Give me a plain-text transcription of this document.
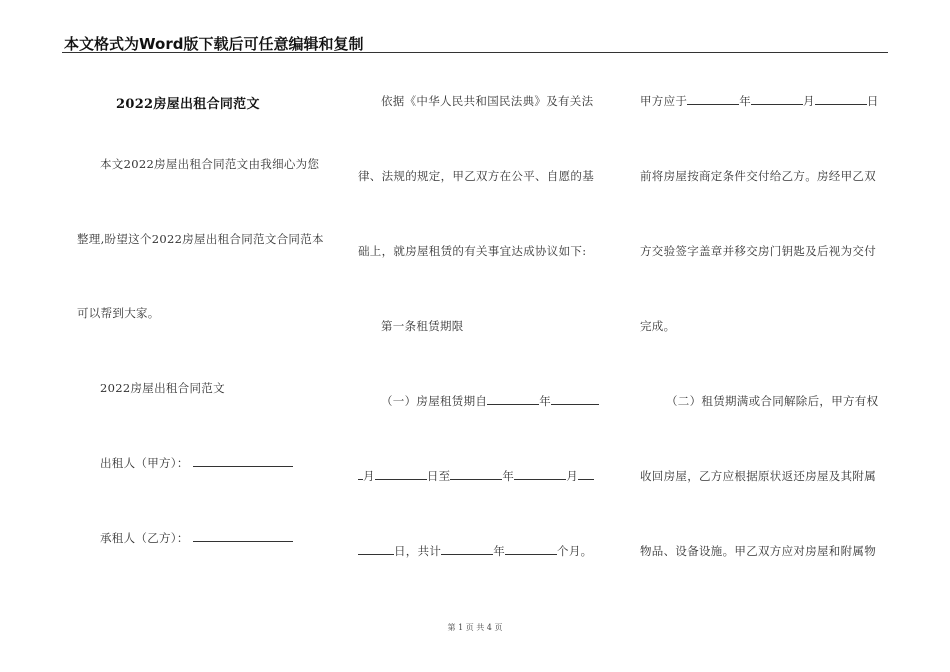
本文格式为Word版下载后可任意编辑和复制
2022房屋出租合同范文
本文2022房屋出租合同范文由我细心为您
整理,盼望这个2022房屋出租合同范文合同范本
可以帮到大家。
2022房屋出租合同范文
出租人（甲方）：
承租人（乙方）：
依据《中华人民共和国民法典》及有关法
律、法规的规定，甲乙双方在公平、自愿的基
础上，就房屋租赁的有关事宜达成协议如下:
第一条租赁期限
（一）房屋租赁期自	年
月	日至	年	月
日，共计	年	个月。
甲方应于	年	月	日
前将房屋按商定条件交付给乙方。房经甲乙双
方交验签字盖章并移交房门钥匙及后视为交付
完成。
（二）租赁期满或合同解除后，甲方有权
收回房屋，乙方应根据原状返还房屋及其附属
物品、设备设施。甲乙双方应对房屋和附属物
第 1 页 共 4 页
